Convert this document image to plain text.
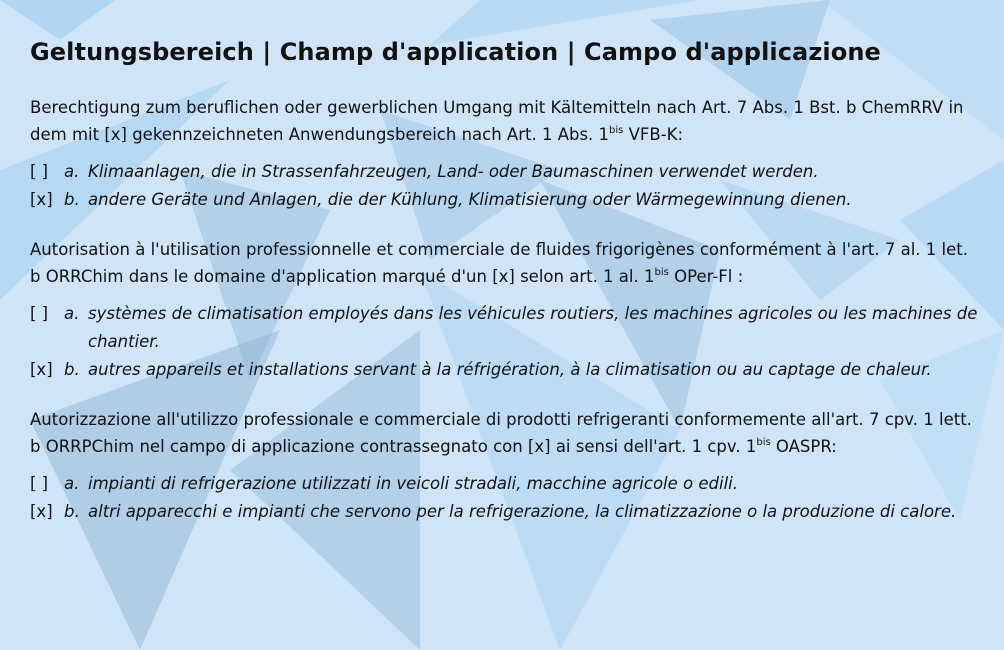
Geltungsbereich | Champ d'application | Campo d'applicazione

Berechtigung zum beruflichen oder gewerblichen Umgang mit Kältemitteln nach Art. 7 Abs. 1 Bst. b ChemRRV in dem mit [x] gekennzeichneten Anwendungsbereich nach Art. 1 Abs. $1^{bis}$ VFB-K:

[ ] a. Klimaanlagen, die in Strassenfahrzeugen, Land- oder Baumaschinen verwendet werden.
[x] b. andere Geräte und Anlagen, die der Kühlung, Klimatisierung oder Wärmegewinnung dienen.

Autorisation à l'utilisation professionnelle et commerciale de fluides frigorigènes conformément à l'art. 7 al. 1 let. b ORRChim dans le domaine d'application marqué d'un [x] selon art. 1 al. $1^{bis}$ OPer-Fl :

[ ] a. systèmes de climatisation employés dans les véhicules routiers, les machines agricoles ou les machines de chantier.
[x] b. autres appareils et installations servant à la réfrigération, à la climatisation ou au captage de chaleur.

Autorizzazione all'utilizzo professionale e commerciale di prodotti refrigeranti conformemente all'art. 7 cpv. 1 lett. b ORRPChim nel campo di applicazione contrassegnato con [x] ai sensi dell'art. 1 cpv. $1^{bis}$ OASPR:

[ ] a. impianti di refrigerazione utilizzati in veicoli stradali, macchine agricole o edili.
[x] b. altri apparecchi e impianti che servono per la refrigerazione, la climatizzazione o la produzione di calore.
